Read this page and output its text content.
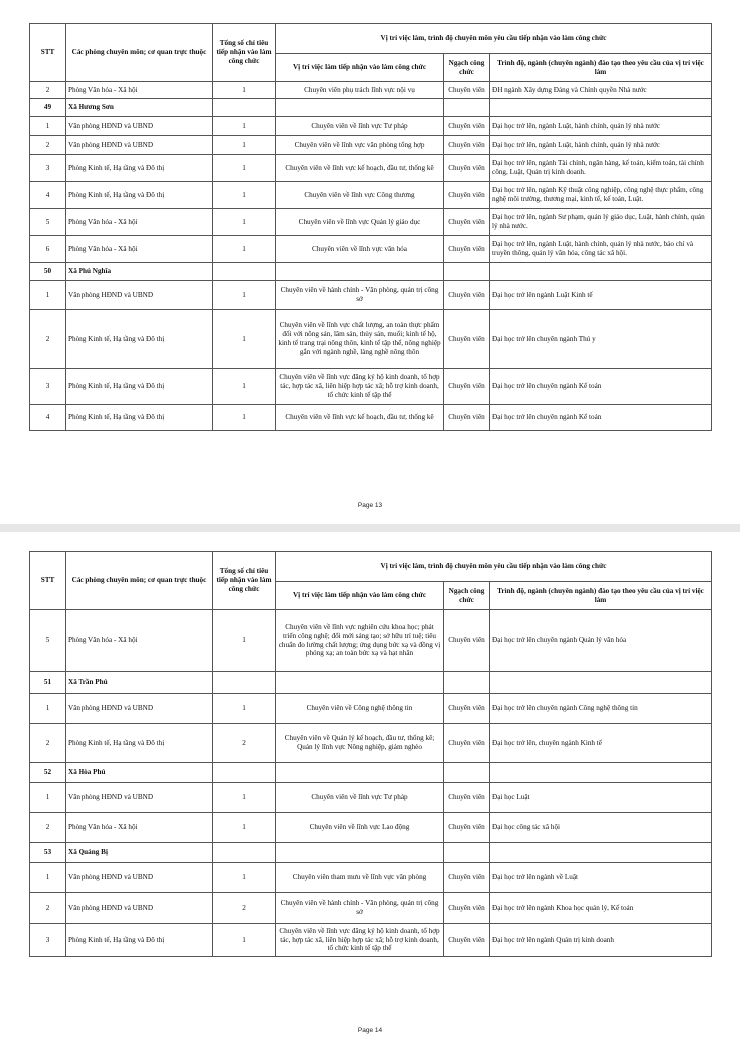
STT	Các phòng chuyên môn; cơ quan trực thuộc	Tổng số chỉ tiêu tiếp nhận vào làm công chức	Vị trí việc làm, trình độ chuyên môn yêu cầu tiếp nhận vào làm công chức		
			Vị trí việc làm tiếp nhận vào làm công chức	Ngạch công chức	Trình độ, ngành (chuyên ngành) đào tạo theo yêu cầu của vị trí việc làm
2	Phòng Văn hóa - Xã hội	1	Chuyên viên phụ trách lĩnh vực nội vụ	Chuyên viên	ĐH ngành Xây dựng Đảng và Chính quyền Nhà nước
49	Xã Hương Sơn				
1	Văn phòng HĐND và UBND	1	Chuyên viên về lĩnh vực Tư pháp	Chuyên viên	Đại học trở lên, ngành Luật, hành chính, quản lý nhà nước
2	Văn phòng HĐND và UBND	1	Chuyên viên về lĩnh vực văn phòng tổng hợp	Chuyên viên	Đại học trở lên, ngành Luật, hành chính, quản lý nhà nước
3	Phòng Kinh tế, Hạ tầng và Đô thị	1	Chuyên viên về lĩnh vực kế hoạch, đầu tư, thống kê	Chuyên viên	Đại học trở lên, ngành Tài chính, ngân hàng, kế toán, kiểm toán, tài chính công, Luật, Quản trị kinh doanh.
4	Phòng Kinh tế, Hạ tầng và Đô thị	1	Chuyên viên về lĩnh vực Công thương	Chuyên viên	Đại học trở lên, ngành Kỹ thuật công nghiệp, công nghệ thực phẩm, công nghệ môi trường, thương mại, kinh tế, kế toán, Luật.
5	Phòng Văn hóa - Xã hội	1	Chuyên viên về lĩnh vực Quản lý giáo dục	Chuyên viên	Đại học trở lên, ngành Sư phạm, quản lý giáo dục, Luật, hành chính, quản lý nhà nước.
6	Phòng Văn hóa - Xã hội	1	Chuyên viên về lĩnh vực văn hóa	Chuyên viên	Đại học trở lên, ngành Luật, hành chính, quản lý nhà nước, báo chí và truyền thông, quản lý văn hóa, công tác xã hội.
50	Xã Phú Nghĩa				
1	Văn phòng HĐND và UBND	1	Chuyên viên về hành chính - Văn phòng, quản trị công sở	Chuyên viên	Đại học trở lên ngành Luật Kinh tế
2	Phòng Kinh tế, Hạ tầng và Đô thị	1	Chuyên viên về lĩnh vực chất lượng, an toàn thực phẩm đối với nông sản, lâm sản, thủy sản, muối; kinh tế hộ, kinh tế trang trại nông thôn, kinh tế tập thể, nông nghiệp gắn với ngành nghề, làng nghề nông thôn	Chuyên viên	Đại học trở lên chuyên ngành Thú y
3	Phòng Kinh tế, Hạ tầng và Đô thị	1	Chuyên viên về lĩnh vực đăng ký hộ kinh doanh, tổ hợp tác, hợp tác xã, liên hiệp hợp tác xã; hỗ trợ kinh doanh, tổ chức kinh tế tập thể	Chuyên viên	Đại học trở lên chuyên ngành Kế toán
4	Phòng Kinh tế, Hạ tầng và Đô thị	1	Chuyên viên về lĩnh vực kế hoạch, đầu tư, thống kê	Chuyên viên	Đại học trở lên chuyên ngành Kế toán
Page 13
STT	Các phòng chuyên môn; cơ quan trực thuộc	Tổng số chỉ tiêu tiếp nhận vào làm công chức	Vị trí việc làm, trình độ chuyên môn yêu cầu tiếp nhận vào làm công chức		
			Vị trí việc làm tiếp nhận vào làm công chức	Ngạch công chức	Trình độ, ngành (chuyên ngành) đào tạo theo yêu cầu của vị trí việc làm
5	Phòng Văn hóa - Xã hội	1	Chuyên viên về lĩnh vực nghiên cứu khoa học; phát triển công nghệ; đổi mới sáng tạo; sở hữu trí tuệ; tiêu chuẩn đo lường chất lượng; ứng dụng bức xạ và đồng vị phóng xạ; an toàn bức xạ và hạt nhân	Chuyên viên	Đại học trở lên chuyên ngành Quản lý văn hóa
51	Xã Trần Phú				
1	Văn phòng HĐND và UBND	1	Chuyên viên về Công nghệ thông tin	Chuyên viên	Đại học trở lên chuyên ngành Công nghệ thông tin
2	Phòng Kinh tế, Hạ tầng và Đô thị	2	Chuyên viên về Quản lý kế hoạch, đầu tư, thống kê; Quản lý lĩnh vực Nông nghiệp, giảm nghèo	Chuyên viên	Đại học trở lên, chuyên ngành Kinh tế
52	Xã Hòa Phú				
1	Văn phòng HĐND và UBND	1	Chuyên viên về lĩnh vực Tư pháp	Chuyên viên	Đại học Luật
2	Phòng Văn hóa - Xã hội	1	Chuyên viên về lĩnh vực Lao động	Chuyên viên	Đại học công tác xã hội
53	Xã Quảng Bị				
1	Văn phòng HĐND và UBND	1	Chuyên viên tham mưu về lĩnh vực văn phòng	Chuyên viên	Đại học trở lên ngành về Luật
2	Văn phòng HĐND và UBND	2	Chuyên viên về hành chính - Văn phòng, quản trị công sở	Chuyên viên	Đại học trở lên ngành Khoa học quản lý, Kế toán
3	Phòng Kinh tế, Hạ tầng và Đô thị	1	Chuyên viên về lĩnh vực đăng ký hộ kinh doanh, tổ hợp tác, hợp tác xã, liên hiệp hợp tác xã; hỗ trợ kinh doanh, tổ chức kinh tế tập thể	Chuyên viên	Đại học trở lên ngành Quản trị kinh doanh
Page 14
